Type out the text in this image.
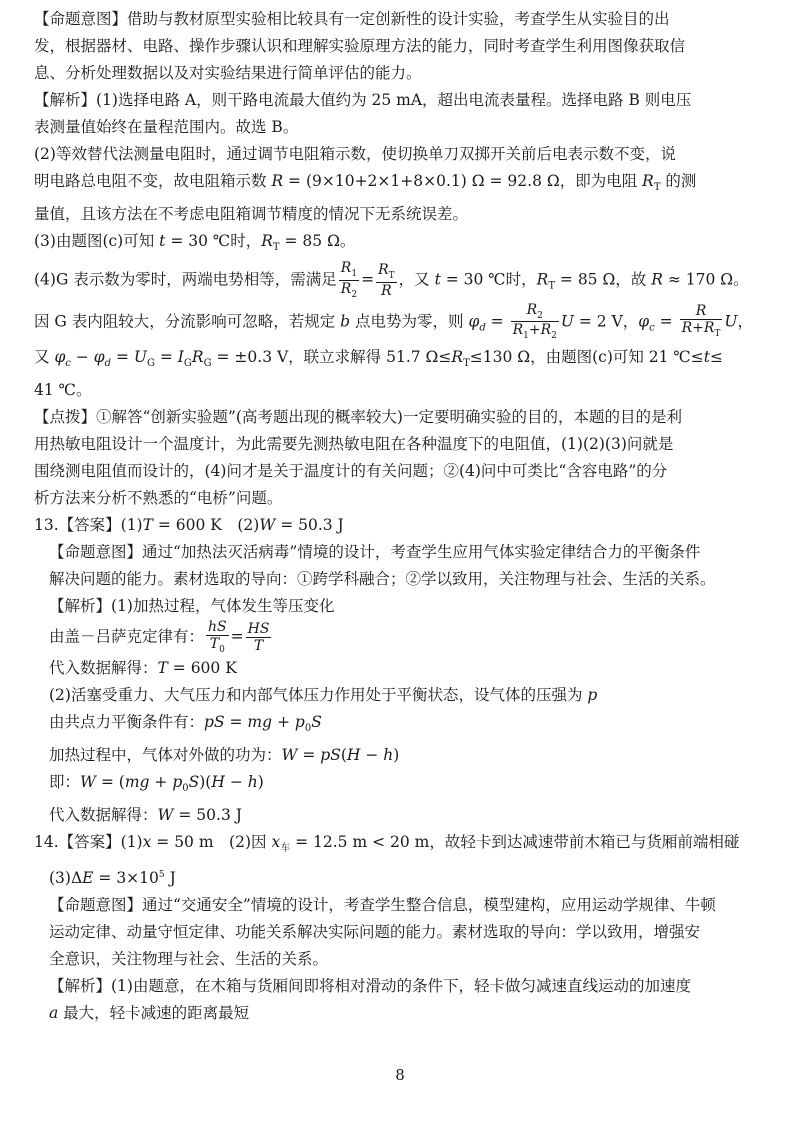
【命题意图】借助与教材原型实验相比较具有一定创新性的设计实验，考查学生从实验目的出

发，根据器材、电路、操作步骤认识和理解实验原理方法的能力，同时考查学生利用图像获取信

息、分析处理数据以及对实验结果进行简单评估的能力。

【解析】(1)选择电路 A，则干路电流最大值约为 25 mA，超出电流表量程。选择电路 B 则电压

表测量值始终在量程范围内。故选 B。

(2)等效替代法测量电阻时，通过调节电阻箱示数，使切换单刀双掷开关前后电表示数不变，说

明电路总电阻不变，故电阻箱示数 R = (9×10+2×1+8×0.1) Ω = 92.8 Ω，即为电阻 $R_T$ 的测

量值，且该方法在不考虑电阻箱调节精度的情况下无系统误差。

(3)由题图(c)可知 t = 30 ℃时，$R_T = 85$ Ω。

(4)G 表示数为零时，两端电势相等，需满足 $\frac{R_1}{R_2} = \frac{R_T}{R}$ ，又 t = 30 ℃时，$R_T = 85$ Ω，故 R ≈ 170 Ω。

因 G 表内阻较大，分流影响可忽略，若规定 b 点电势为零，则 $\varphi_d = \frac{R_2}{R_1+R_2}$ U = 2 V，$\varphi_c = \frac{R}{R+R_T}$ U，

又 $\varphi_c - \varphi_d = U_G = I_GR_G = \pm 0.3$ V，联立求解得 51.7 $\Omega\le R_T\le 130$ Ω，由题图(c)可知 21 ℃≤t≤

41 ℃。

【点拨】①解答“创新实验题”(高考题出现的概率较大)一定要明确实验的目的，本题的目的是利

用热敏电阻设计一个温度计，为此需要先测热敏电阻在各种温度下的电阻值，(1)(2)(3)问就是

围绕测电阻值而设计的，(4)问才是关于温度计的有关问题；②(4)问中可类比“含容电路”的分

析方法来分析不熟悉的“电桥”问题。

13.【答案】(1)T = 600 K　(2)W = 50.3 J

【命题意图】通过“加热法灭活病毒”情境的设计，考查学生应用气体实验定律结合力的平衡条件

解决问题的能力。素材选取的导向：①跨学科融合；②学以致用，关注物理与社会、生活的关系。

【解析】(1)加热过程，气体发生等压变化

由盖－吕萨克定律有： $\frac{hS}{T_0} = \frac{HS}{T}$

代入数据解得：T = 600 K

(2)活塞受重力、大气压力和内部气体压力作用处于平衡状态，设气体的压强为 p

由共点力平衡条件有：pS = mg + $p_0S$

加热过程中，气体对外做的功为：W = pS(H − h)

即：$W = (mg + p_0S)(H - h)$

代入数据解得：W = 50.3 J

14.【答案】(1)x = 50 m　(2)因 $x_车 = 12.5$ m < 20 m，故轻卡到达减速带前木箱已与货厢前端相碰

$(3)\Delta E = 3\times 10^5$ J

【命题意图】通过“交通安全”情境的设计，考查学生整合信息，模型建构，应用运动学规律、牛顿

运动定律、动量守恒定律、功能关系解决实际问题的能力。素材选取的导向：学以致用，增强安

全意识，关注物理与社会、生活的关系。

【解析】(1)由题意，在木箱与货厢间即将相对滑动的条件下，轻卡做匀减速直线运动的加速度

a 最大，轻卡减速的距离最短

8
